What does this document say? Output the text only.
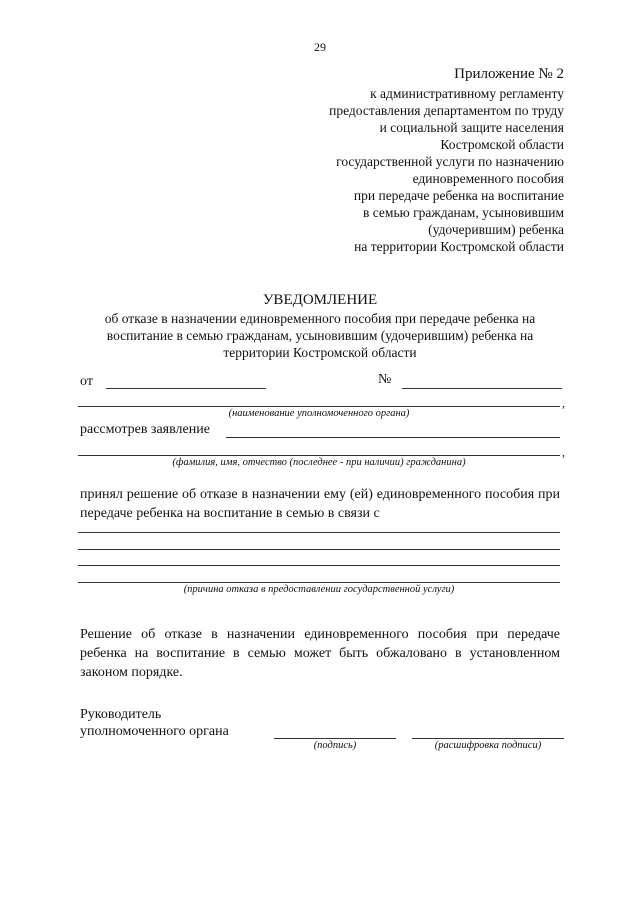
29
Приложение № 2
к административному регламенту
предоставления департаментом по труду
и социальной защите населения
Костромской области
государственной услуги по назначению
единовременного пособия
при передаче ребенка на воспитание
в семью гражданам, усыновившим
(удочерившим) ребенка
на территории Костромской области
УВЕДОМЛЕНИЕ
об отказе в назначении единовременного пособия при передаче ребенка на
воспитание в семью гражданам, усыновившим (удочерившим) ребенка на
территории Костромской области
от	№
,
(наименование уполномоченного органа)
рассмотрев заявление
,
(фамилия, имя, отчество (последнее - при наличии) гражданина)
принял решение об отказе в назначении ему (ей) единовременного пособия при передаче ребенка на воспитание в семью в связи с
(причина отказа в предоставлении государственной услуги)
Решение об отказе в назначении единовременного пособия при передаче ребенка на воспитание в семью может быть обжаловано в установленном законом порядке.
Руководитель
уполномоченного органа
(подпись)	(расшифровка подписи)
